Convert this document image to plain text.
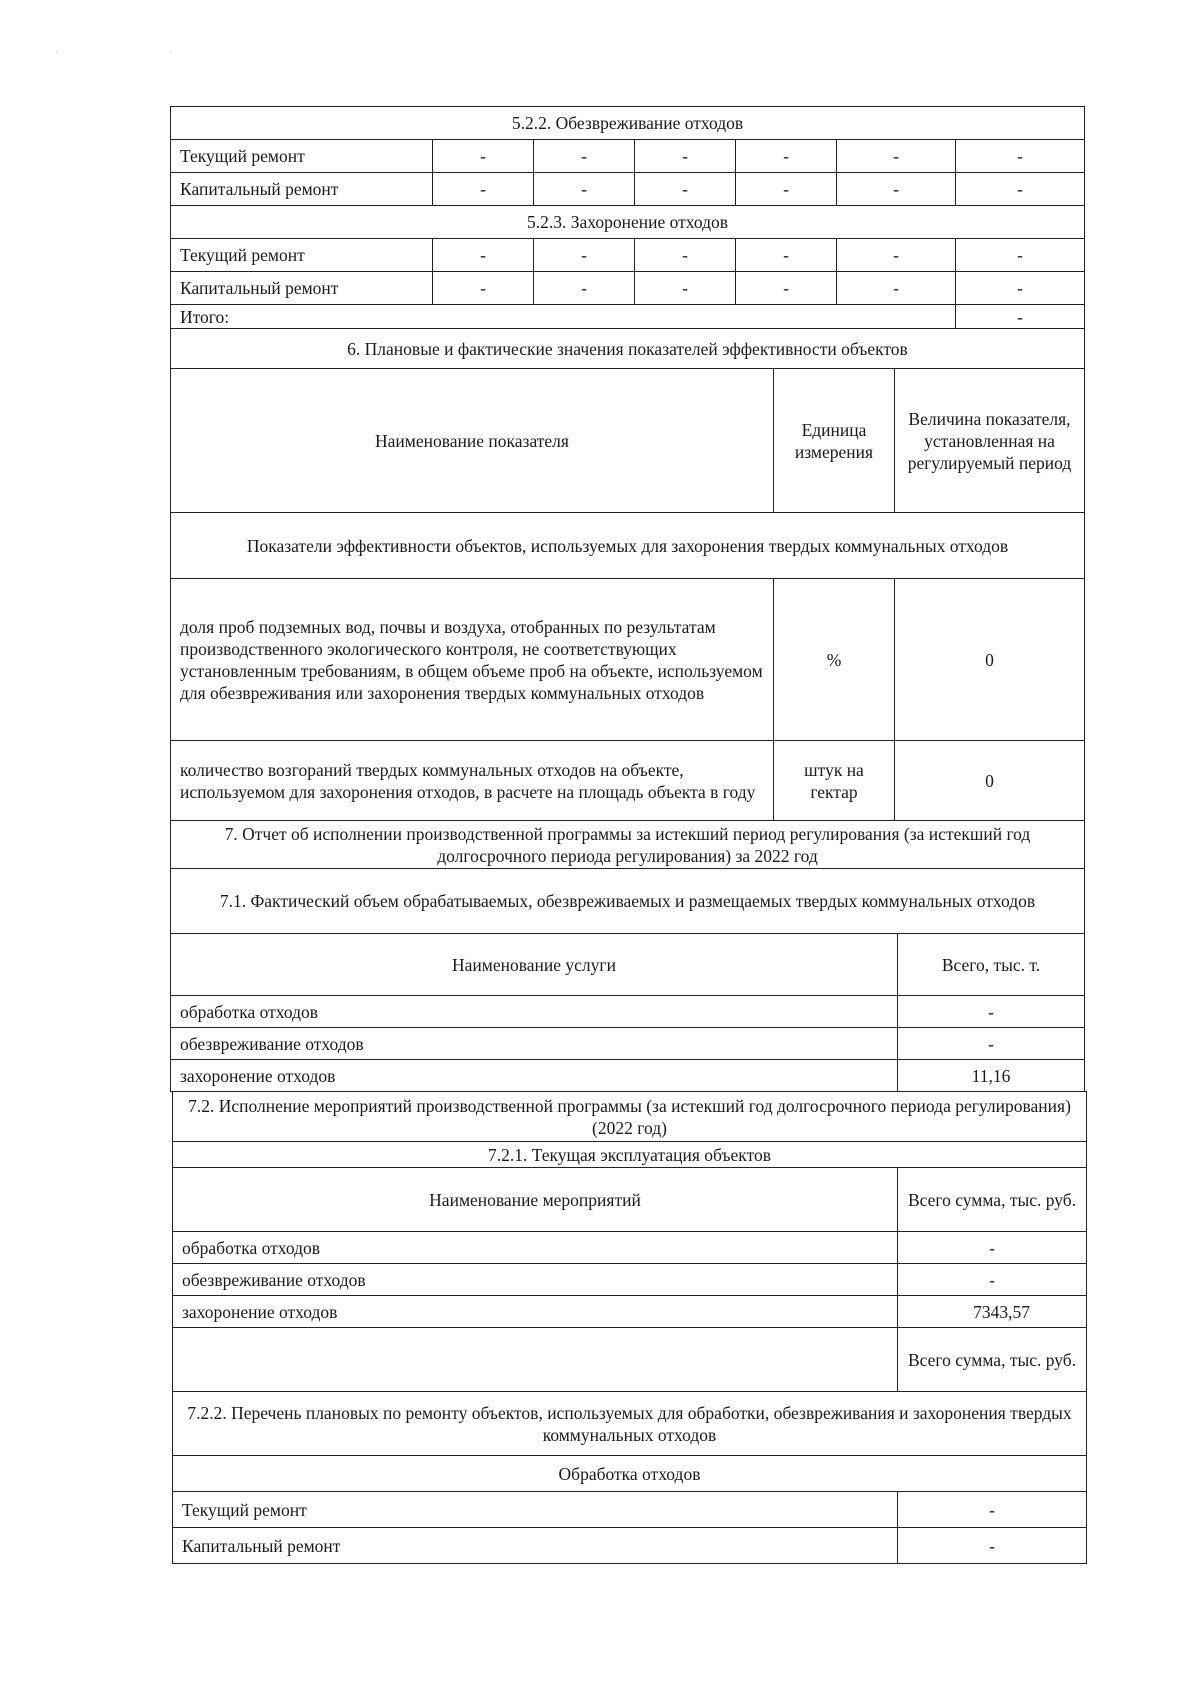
· ·
5.2.2. Обезвреживание отходов						
Текущий ремонт	-	-	-	-	-	-
Капитальный ремонт	-	-	-	-	-	-
5.2.3. Захоронение отходов						
Текущий ремонт	-	-	-	-	-	-
Капитальный ремонт	-	-	-	-	-	-
Итого:						-
6. Плановые и фактические значения показателей эффективности объектов		
Наименование показателя	Единица измерения	Величина показателя, установленная на регулируемый период
Показатели эффективности объектов, используемых для захоронения твердых коммунальных отходов		
доля проб подземных вод, почвы и воздуха, отобранных по результатам производственного экологического контроля, не соответствующих установленным требованиям, в общем объеме проб на объекте, используемом для обезвреживания или захоронения твердых коммунальных отходов	%	0
количество возгораний твердых коммунальных отходов на объекте, используемом для захоронения отходов, в расчете на площадь объекта в году	штук на гектар	0
7. Отчет об исполнении производственной программы за истекший период регулирования (за истекший год долгосрочного периода регулирования) за 2022 год		
7.1. Фактический объем обрабатываемых, обезвреживаемых и размещаемых твердых коммунальных отходов		
Наименование услуги	Всего, тыс. т.
обработка отходов	-
обезвреживание отходов	-
захоронение отходов	11,16
7.2. Исполнение мероприятий производственной программы (за истекший год долгосрочного периода регулирования) (2022 год)	
7.2.1. Текущая эксплуатация объектов	
Наименование мероприятий	Всего сумма, тыс. руб.
обработка отходов	-
обезвреживание отходов	-
захоронение отходов	7343,57
	Всего сумма, тыс. руб.
7.2.2. Перечень плановых по ремонту объектов, используемых для обработки, обезвреживания и захоронения твердых коммунальных отходов	
Обработка отходов	
Текущий ремонт	-
Капитальный ремонт	-
